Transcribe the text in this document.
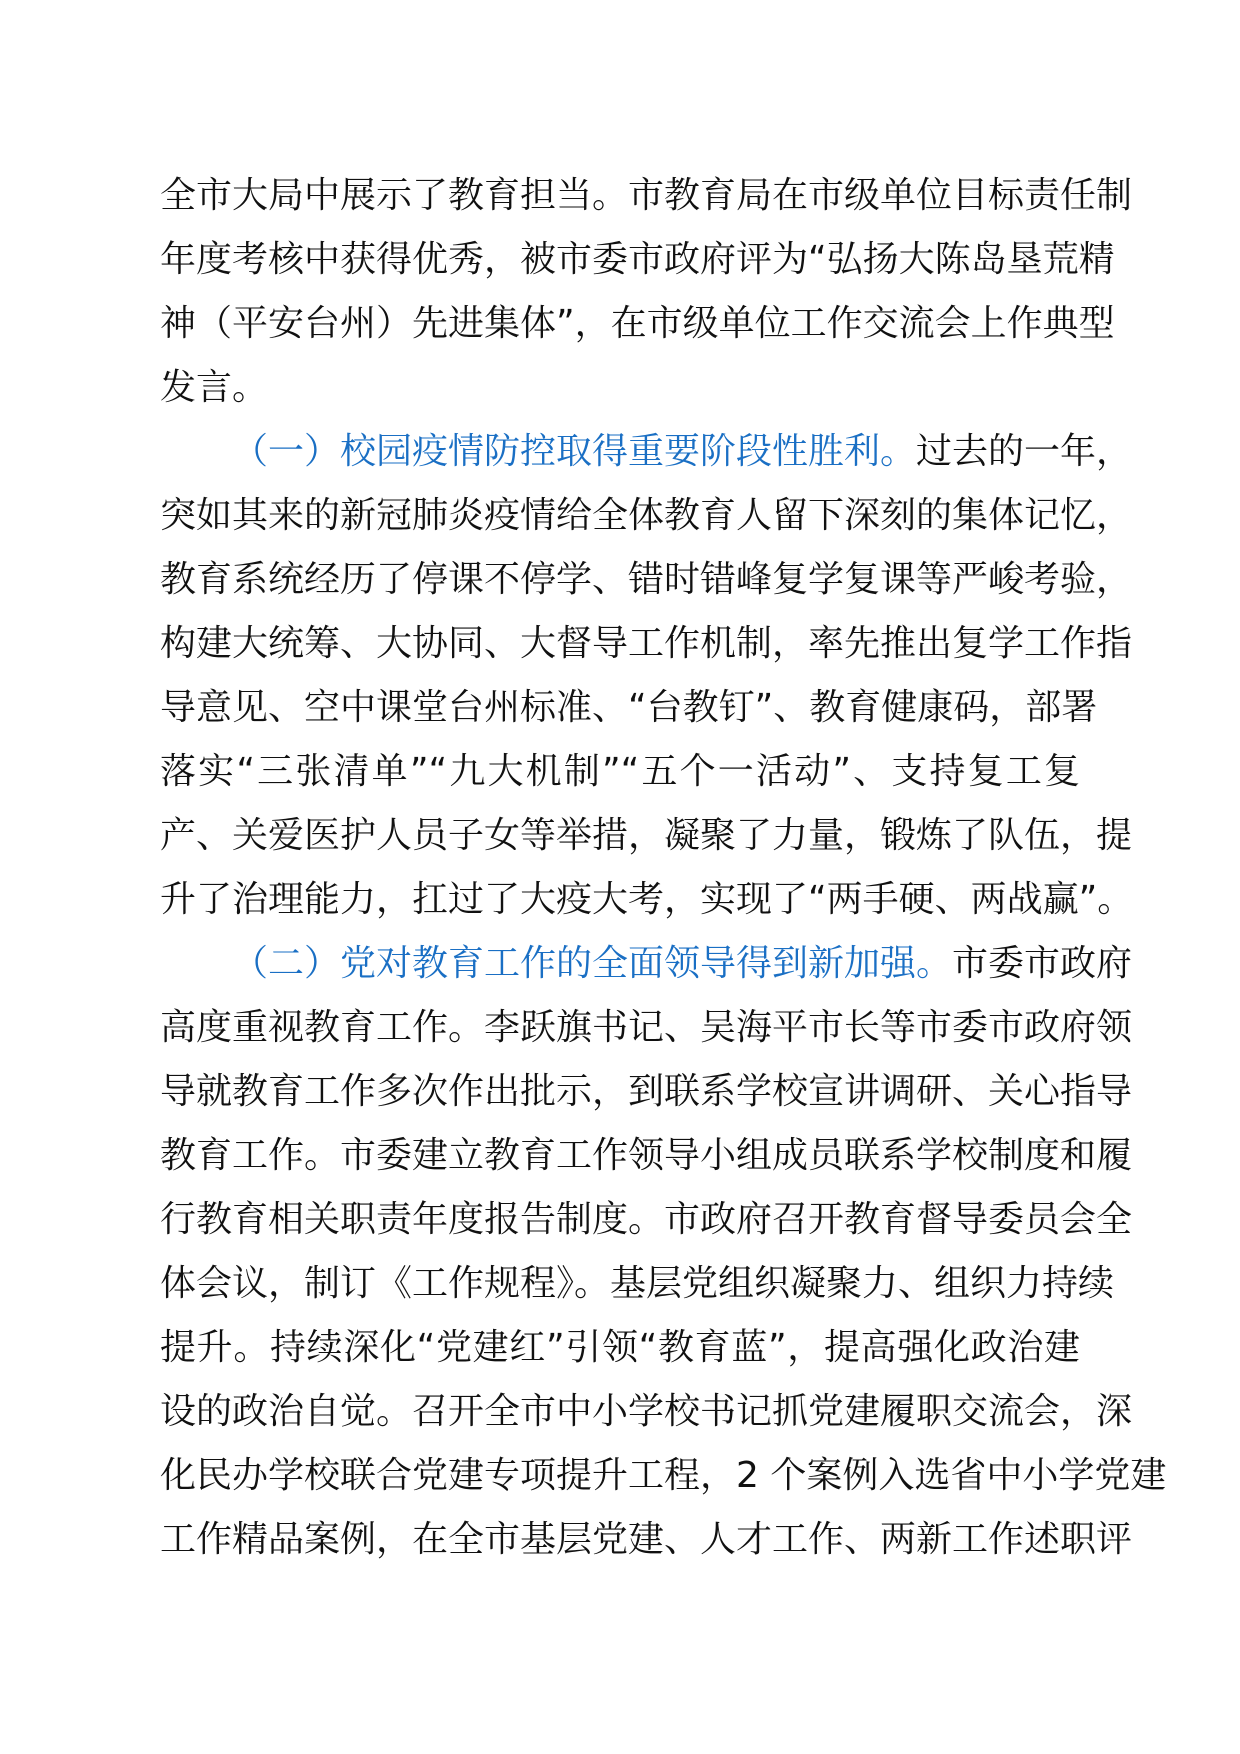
全市大局中展示了教育担当。市教育局在市级单位目标责任制
年度考核中获得优秀，被市委市政府评为“弘扬大陈岛垦荒精
神（平安台州）先进集体”，在市级单位工作交流会上作典型
发言。
（一）校园疫情防控取得重要阶段性胜利。过去的一年，
突如其来的新冠肺炎疫情给全体教育人留下深刻的集体记忆，
教育系统经历了停课不停学、错时错峰复学复课等严峻考验，
构建大统筹、大协同、大督导工作机制，率先推出复学工作指
导意见、空中课堂台州标准、“台教钉”、教育健康码，部署
落实“三张清单”“九大机制”“五个一活动”、支持复工复
产、关爱医护人员子女等举措，凝聚了力量，锻炼了队伍，提
升了治理能力，扛过了大疫大考，实现了“两手硬、两战赢”。
（二）党对教育工作的全面领导得到新加强。市委市政府
高度重视教育工作。李跃旗书记、吴海平市长等市委市政府领
导就教育工作多次作出批示，到联系学校宣讲调研、关心指导
教育工作。市委建立教育工作领导小组成员联系学校制度和履
行教育相关职责年度报告制度。市政府召开教育督导委员会全
体会议，制订《工作规程》。基层党组织凝聚力、组织力持续
提升。持续深化“党建红”引领“教育蓝”，提高强化政治建
设的政治自觉。召开全市中小学校书记抓党建履职交流会，深
化民办学校联合党建专项提升工程，2 个案例入选省中小学党建
工作精品案例，在全市基层党建、人才工作、两新工作述职评
